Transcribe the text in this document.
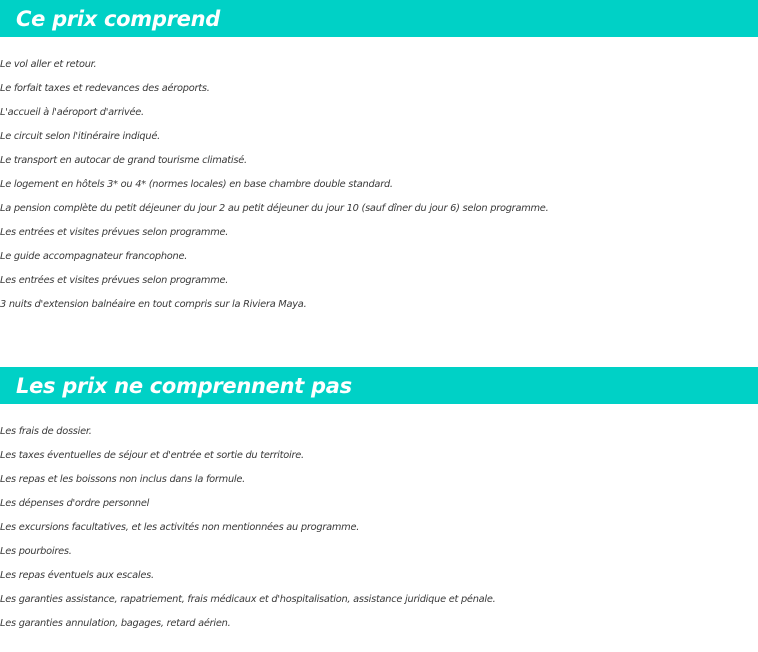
Ce prix comprend
Le vol aller et retour.
Le forfait taxes et redevances des aéroports.
L'accueil à l'aéroport d'arrivée.
Le circuit selon l'itinéraire indiqué.
Le transport en autocar de grand tourisme climatisé.
Le logement en hôtels 3* ou 4* (normes locales) en base chambre double standard.
La pension complète du petit déjeuner du jour 2 au petit déjeuner du jour 10 (sauf dîner du jour 6) selon programme.
Les entrées et visites prévues selon programme.
Le guide accompagnateur francophone.
Les entrées et visites prévues selon programme.
3 nuits d'extension balnéaire en tout compris sur la Riviera Maya.
Les prix ne comprennent pas
Les frais de dossier.
Les taxes éventuelles de séjour et d'entrée et sortie du territoire.
Les repas et les boissons non inclus dans la formule.
Les dépenses d'ordre personnel
Les excursions facultatives, et les activités non mentionnées au programme.
Les pourboires.
Les repas éventuels aux escales.
Les garanties assistance, rapatriement, frais médicaux et d'hospitalisation, assistance juridique et pénale.
Les garanties annulation, bagages, retard aérien.
